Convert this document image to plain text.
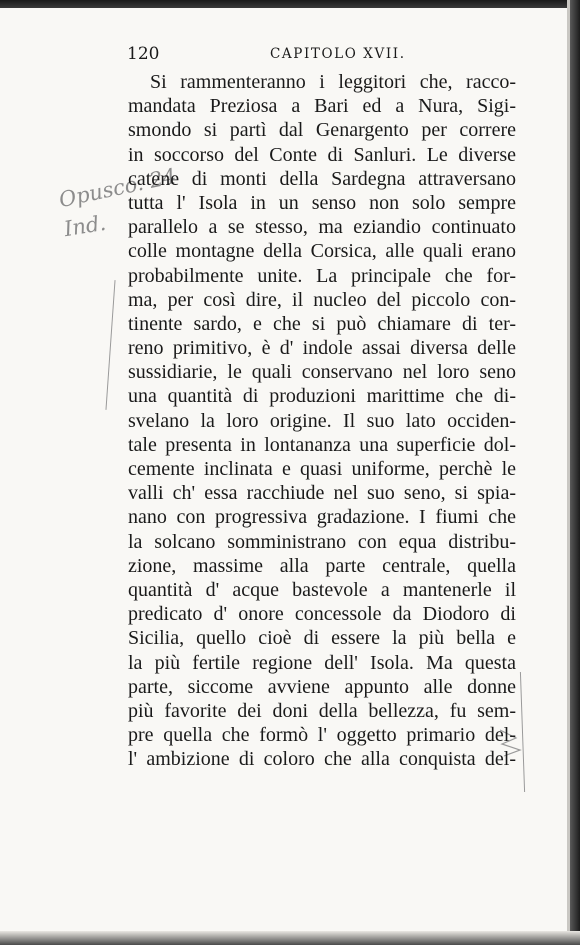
120	CAPITOLO XVII.
Opusco. 24
Ind.
Si rammenteranno i leggitori che, racco-
mandata Preziosa a Bari ed a Nura, Sigi-
smondo si partì dal Genargento per correre
in soccorso del Conte di Sanluri. Le diverse
catene di monti della Sardegna attraversano
tutta l' Isola in un senso non solo sempre
parallelo a se stesso, ma eziandio continuato
colle montagne della Corsica, alle quali erano
probabilmente unite. La principale che for-
ma, per così dire, il nucleo del piccolo con-
tinente sardo, e che si può chiamare di ter-
reno primitivo, è d' indole assai diversa delle
sussidiarie, le quali conservano nel loro seno
una quantità di produzioni marittime che di-
svelano la loro origine. Il suo lato occiden-
tale presenta in lontananza una superficie dol-
cemente inclinata e quasi uniforme, perchè le
valli ch' essa racchiude nel suo seno, si spia-
nano con progressiva gradazione. I fiumi che
la solcano somministrano con equa distribu-
zione, massime alla parte centrale, quella
quantità d' acque bastevole a mantenerle il
predicato d' onore concessole da Diodoro di
Sicilia, quello cioè di essere la più bella e
la più fertile regione dell' Isola. Ma questa
parte, siccome avviene appunto alle donne
più favorite dei doni della bellezza, fu sem-
pre quella che formò l' oggetto primario del-
l' ambizione di coloro che alla conquista del-
